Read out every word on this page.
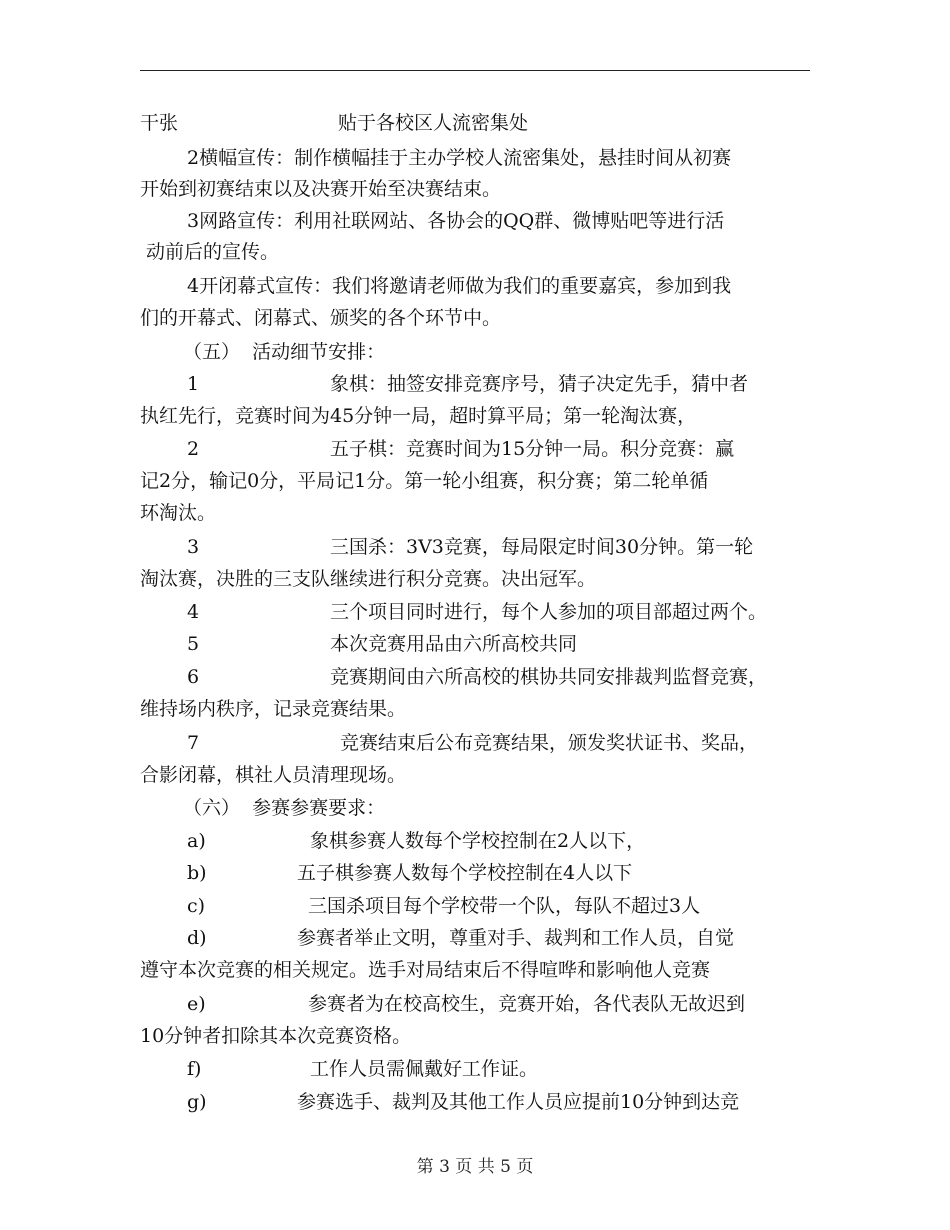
干张

	贴于各校区人流密集处

2横幅宣传：制作横幅挂于主办学校人流密集处，悬挂时间从初赛
开始到初赛结束以及决赛开始至决赛结束。
3网路宣传：利用社联网站、各协会的QQ群、微博贴吧等进行活
动前后的宣传。
4开闭幕式宣传：我们将邀请老师做为我们的重要嘉宾，参加到我
们的开幕式、闭幕式、颁奖的各个环节中。
（五）  活动细节安排：

1

	象棋：抽签安排竞赛序号，猜子决定先手，猜中者

执红先行，竞赛时间为45分钟一局，超时算平局；第一轮淘汰赛，

2

	五子棋：竞赛时间为15分钟一局。积分竞赛：赢

记2分，输记0分，平局记1分。第一轮小组赛，积分赛；第二轮单循
环淘汰。

3

	三国杀：3V3竞赛，每局限定时间30分钟。第一轮

淘汰赛，决胜的三支队继续进行积分竞赛。决出冠军。

4

	三个项目同时进行，每个人参加的项目部超过两个。

5

	本次竞赛用品由六所高校共同

6

	竞赛期间由六所高校的棋协共同安排裁判监督竞赛，

维持场内秩序，记录竞赛结果。

7

	竞赛结束后公布竞赛结果，颁发奖状证书、奖品，

合影闭幕，棋社人员清理现场。
（六）  参赛参赛要求：

a)

	象棋参赛人数每个学校控制在2人以下，

b)

	五子棋参赛人数每个学校控制在4人以下

c)

	三国杀项目每个学校带一个队，每队不超过3人

d)

	参赛者举止文明，尊重对手、裁判和工作人员，自觉

遵守本次竞赛的相关规定。选手对局结束后不得喧哗和影响他人竞赛

e)

	参赛者为在校高校生，竞赛开始，各代表队无故迟到

10分钟者扣除其本次竞赛资格。

f)

	工作人员需佩戴好工作证。

g)

	参赛选手、裁判及其他工作人员应提前10分钟到达竞

第 3 页 共 5 页
